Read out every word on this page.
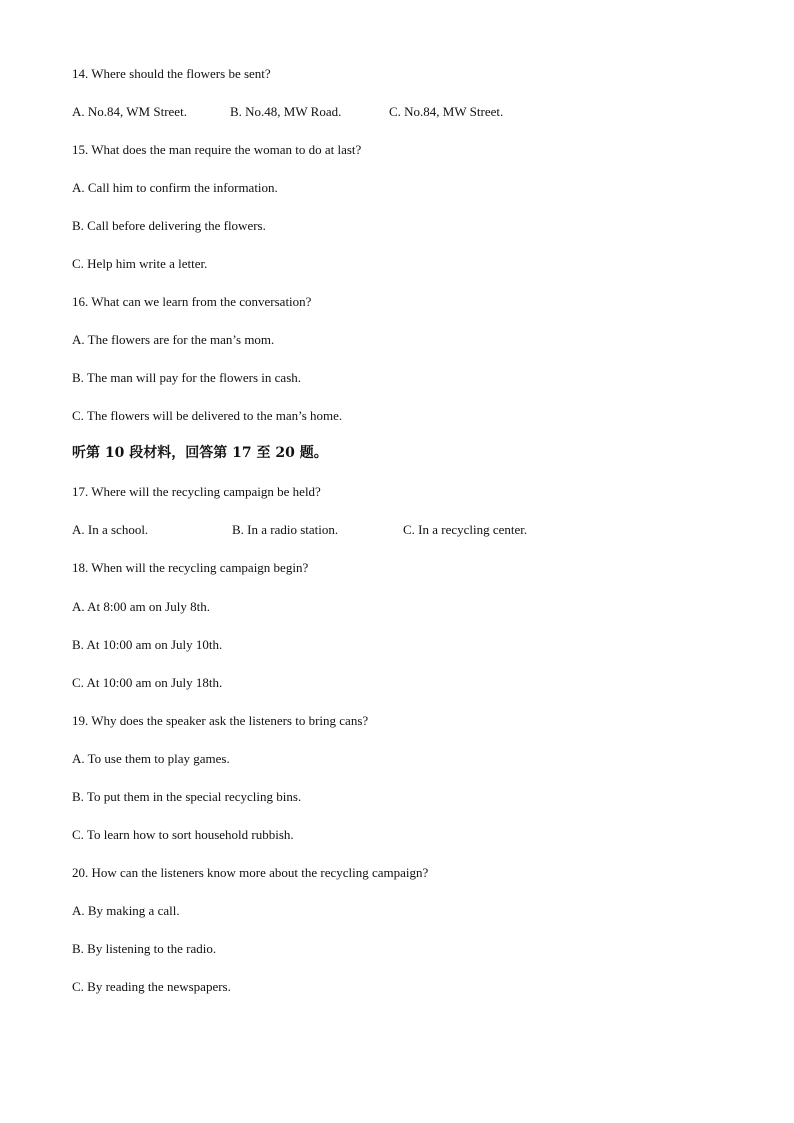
14. Where should the flowers be sent?
A. No.84, WM Street.	B. No.48, MW Road.	C. No.84, MW Street.
15. What does the man require the woman to do at last?
A. Call him to confirm the information.
B. Call before delivering the flowers.
C. Help him write a letter.
16. What can we learn from the conversation?
A. The flowers are for the man’s mom.
B. The man will pay for the flowers in cash.
C. The flowers will be delivered to the man’s home.
听第 10 段材料，回答第 17 至 20 题。
17. Where will the recycling campaign be held?
A. In a school.	B. In a radio station.	C. In a recycling center.
18. When will the recycling campaign begin?
A. At 8:00 am on July 8th.
B. At 10:00 am on July 10th.
C. At 10:00 am on July 18th.
19. Why does the speaker ask the listeners to bring cans?
A. To use them to play games.
B. To put them in the special recycling bins.
C. To learn how to sort household rubbish.
20. How can the listeners know more about the recycling campaign?
A. By making a call.
B. By listening to the radio.
C. By reading the newspapers.
